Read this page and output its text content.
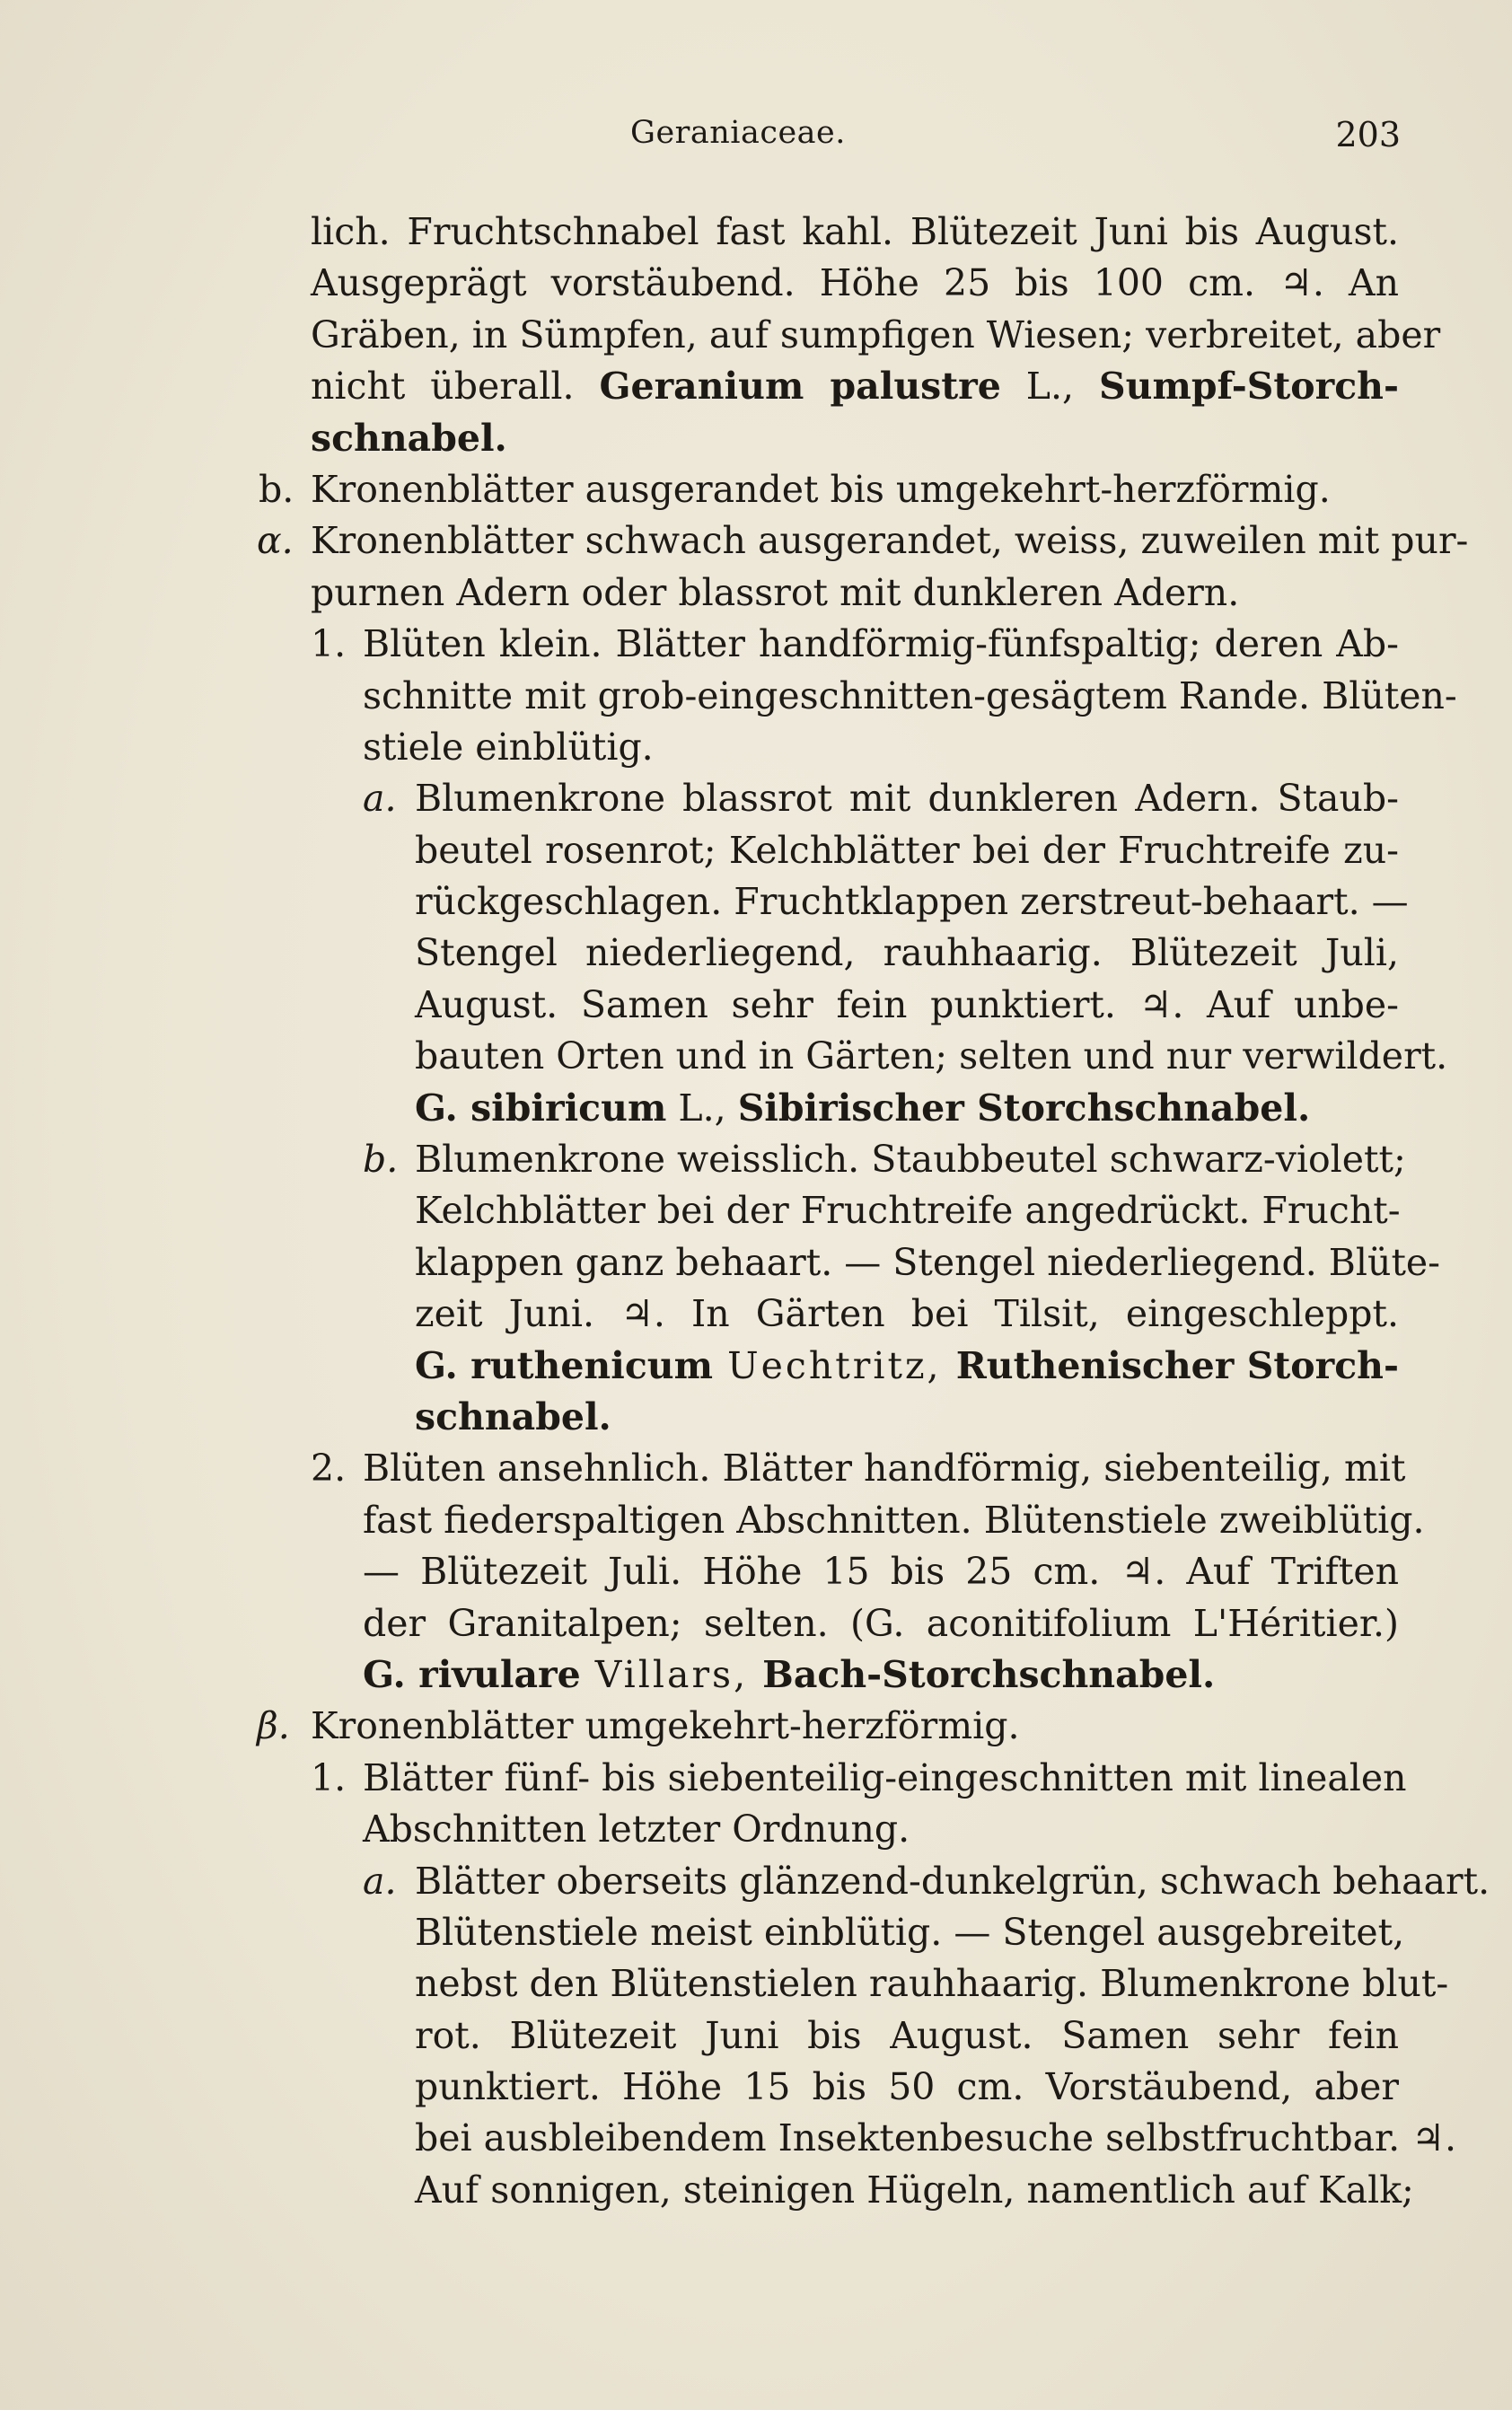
Geraniaceae.	203
lich. Fruchtschnabel fast kahl. Blütezeit Juni bis August.
Ausgeprägt vorstäubend. Höhe 25 bis 100 cm. ♃. An
Gräben, in Sümpfen, auf sumpfigen Wiesen; verbreitet, aber
nicht überall. Geranium palustre L., Sumpf-Storch-
schnabel.
b. Kronenblätter ausgerandet bis umgekehrt-herzförmig.
α. Kronenblätter schwach ausgerandet, weiss, zuweilen mit pur-
purnen Adern oder blassrot mit dunkleren Adern.
1. Blüten klein. Blätter handförmig-fünfspaltig; deren Ab-
schnitte mit grob-eingeschnitten-gesägtem Rande. Blüten-
stiele einblütig.
a. Blumenkrone blassrot mit dunkleren Adern. Staub-
beutel rosenrot; Kelchblätter bei der Fruchtreife zu-
rückgeschlagen. Fruchtklappen zerstreut-behaart. —
Stengel niederliegend, rauhhaarig. Blütezeit Juli,
August. Samen sehr fein punktiert. ♃. Auf unbe-
bauten Orten und in Gärten; selten und nur verwildert.
G. sibiricum L., Sibirischer Storchschnabel.
b. Blumenkrone weisslich. Staubbeutel schwarz-violett;
Kelchblätter bei der Fruchtreife angedrückt. Frucht-
klappen ganz behaart. — Stengel niederliegend. Blüte-
zeit Juni. ♃. In Gärten bei Tilsit, eingeschleppt.
G. ruthenicum Uechtritz, Ruthenischer Storch-
schnabel.
2. Blüten ansehnlich. Blätter handförmig, siebenteilig, mit
fast fiederspaltigen Abschnitten. Blütenstiele zweiblütig.
— Blütezeit Juli. Höhe 15 bis 25 cm. ♃. Auf Triften
der Granitalpen; selten. (G. aconitifolium L'Héritier.)
G. rivulare Villars, Bach-Storchschnabel.
β. Kronenblätter umgekehrt-herzförmig.
1. Blätter fünf- bis siebenteilig-eingeschnitten mit linealen
Abschnitten letzter Ordnung.
a. Blätter oberseits glänzend-dunkelgrün, schwach behaart.
Blütenstiele meist einblütig. — Stengel ausgebreitet,
nebst den Blütenstielen rauhhaarig. Blumenkrone blut-
rot. Blütezeit Juni bis August. Samen sehr fein
punktiert. Höhe 15 bis 50 cm. Vorstäubend, aber
bei ausbleibendem Insektenbesuche selbstfruchtbar. ♃.
Auf sonnigen, steinigen Hügeln, namentlich auf Kalk;
